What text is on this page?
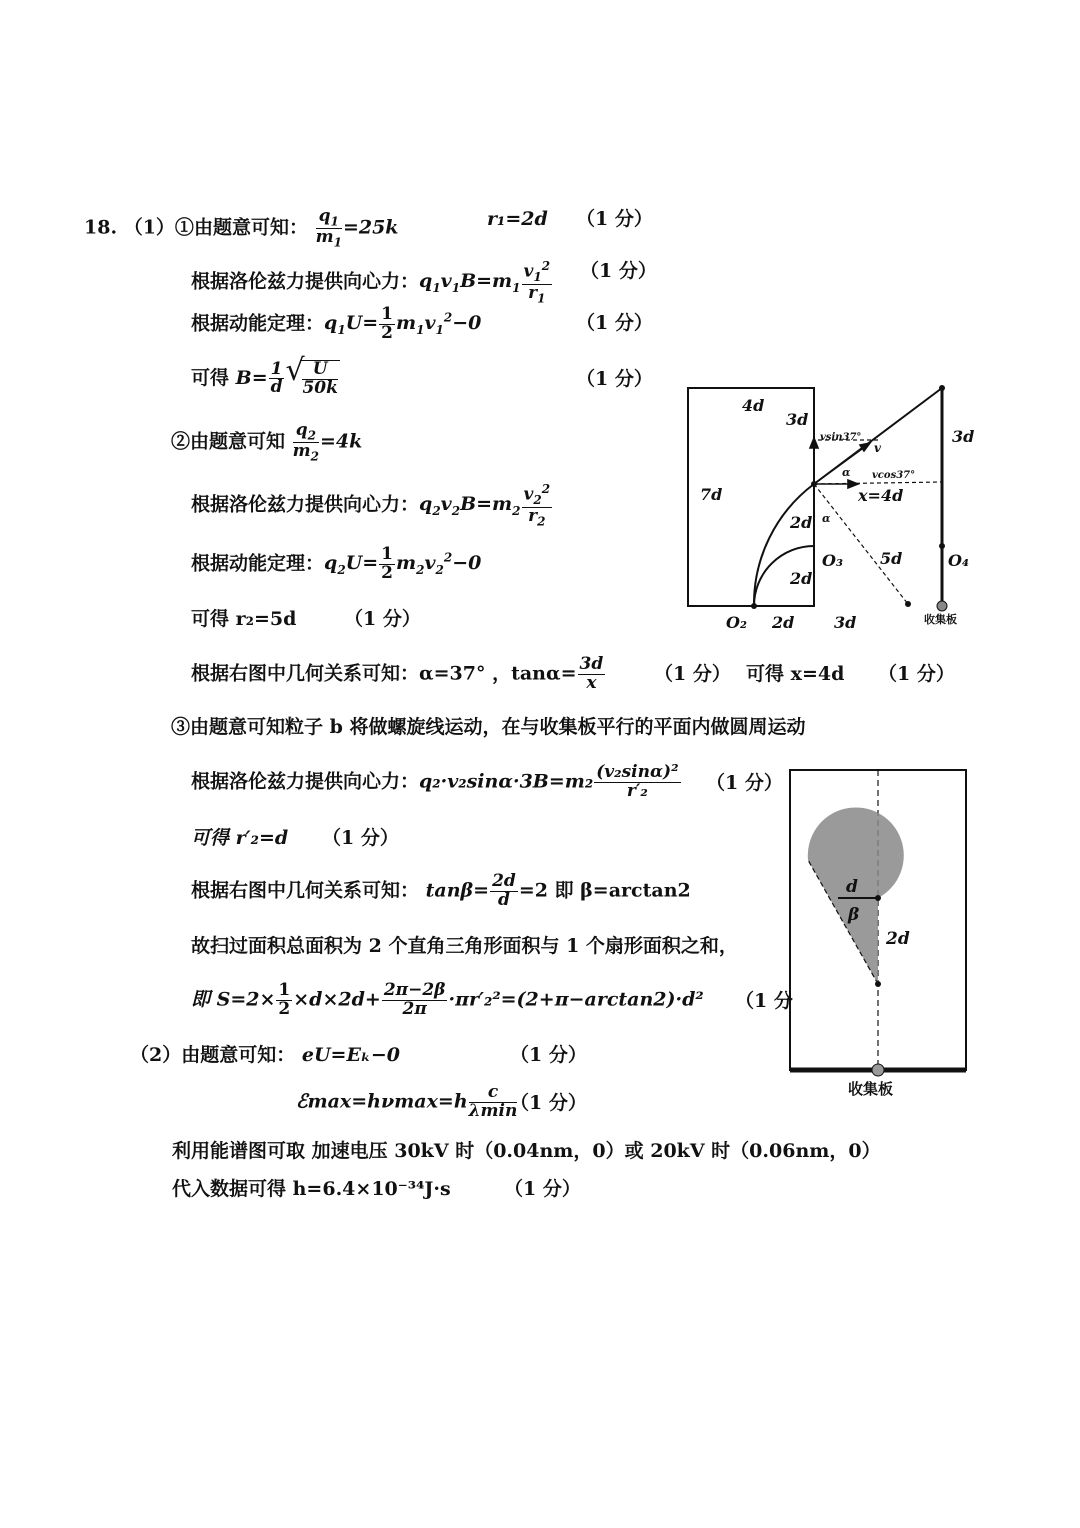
18. （1）①由题意可知： $\frac{q_1}{m_1} =25k$	r₁=2d （1 分）
根据洛伦兹力提供向心力：$q_1v_1B=m_1 \frac{v_1^2}{r_1} (1$ 分）
根据动能定理：$q_1U= \frac{1}{2} m_1v_1^2-0$	（1 分）
可得 $B= \frac{1}{d}$ √
$\frac{U}{50k}$	（1 分）
②由题意可知 $\frac{q_2}{m_2} =4k$
根据洛伦兹力提供向心力：$q_2v_2B=m_2 \frac{v_2^2}{r_2}$
根据动能定理：$q_2U= \frac{1}{2} m_2v_2^2-0$
可得 r₂=5d	（1 分）
根据右图中几何关系可知：α=37° ，$\tan\alpha= \frac{3d}{x}$	（1 分） 可得 x=4d （1 分）
③由题意可知粒子 b 将做螺旋线运动，在与收集板平行的平面内做圆周运动
根据洛伦兹力提供向心力：$q_2\cdot v_2\sin\alpha\cdot 3B=m_2 \frac{\text{(v₂sinα)²}}{\text{r′₂}} (1$ 分）
可得 r′₂=d （1 分）
根据右图中几何关系可知： $\tan\beta= \frac{2d}{d} =2$ 即 β=arctan2
故扫过面积总面积为 2 个直角三角形面积与 1 个扇形面积之和，
即 $S=2\times \frac{1}{2} \times d\times 2d+ \frac{2\pi-2\beta}{2\pi} \cdot\pi r'_2^2=(2+\pi-\arctan 2)\cdot d^2$ （1 分
（2）由题意可知： eU=Eₖ−0	（1 分）
ℰmax=hνmax=h $\frac{c}{\lambda\min}$
（1 分）
利用能谱图可取 加速电压 30kV 时（0.04nm，0）或 20kV 时（0.06nm，0）
代入数据可得 h=6.4×10⁻³⁴J·s	（1 分）
4d
3d
3d
7d
2d
2d
5d
x=4d
O₂ 2d 3d
O₃	O₄
收集板
vsin37°
vcos37°
v
α
α
d
β
2d
收集板
